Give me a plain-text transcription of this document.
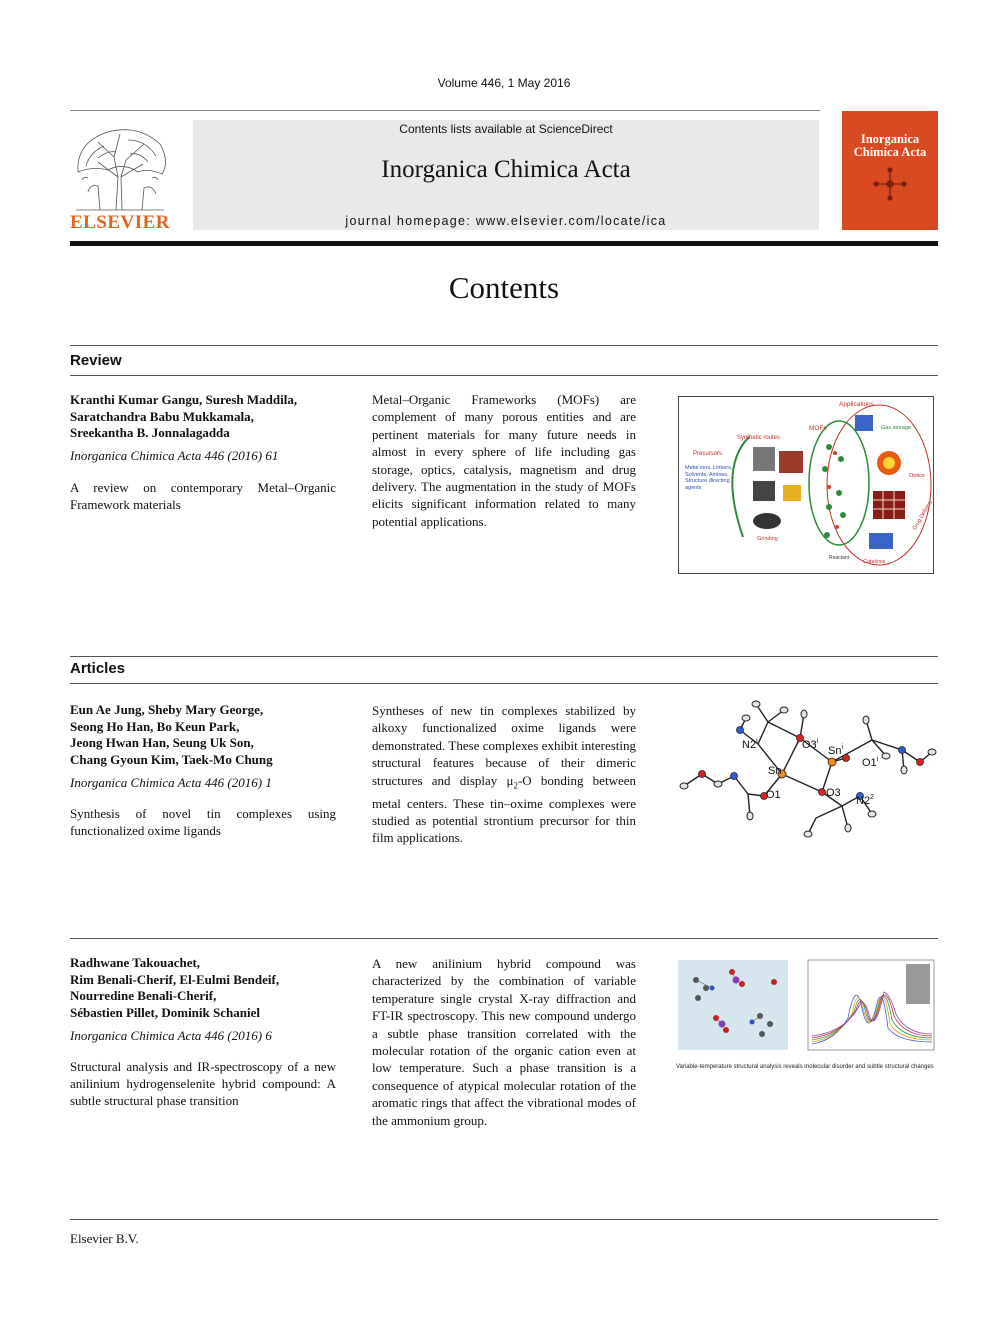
Volume 446, 1 May 2016
ELSEVIER
Contents lists available at ScienceDirect
Inorganica Chimica Acta
journal homepage: www.elsevier.com/locate/ica
Inorganica Chimica Acta
Contents
Review
Kranthi Kumar Gangu, Suresh Maddila,
Saratchandra Babu Mukkamala,
Sreekantha B. Jonnalagadda
Inorganica Chimica Acta 446 (2016) 61
A review on contemporary Metal–Organic Framework materials
Metal–Organic Frameworks (MOFs) are complement of many porous entities and are pertinent materials for many future needs in almost in every sphere of life including gas storage, optics, catalysis, magnetism and drug delivery. The augmentation in the study of MOFs elicits significant information related to many potential applications.
Applications
MOFs
Synthetic routes
Precursors
Metal ions, Linkers, Solvents, Amines, Structure directing agents
Grinding
Gas storage
Optics
Drug Delivery
Catalysis
Reactant
Articles
Eun Ae Jung, Sheby Mary George,
Seong Ho Han, Bo Keun Park,
Jeong Hwan Han, Seung Uk Son,
Chang Gyoun Kim, Taek-Mo Chung
Inorganica Chimica Acta 446 (2016) 1
Synthesis of novel tin complexes using functionalized oxime ligands
Syntheses of new tin complexes stabilized by alkoxy functionalized oxime ligands were demonstrated. These complexes exhibit interesting structural features because of their dimeric structures and display $\mu_2-O$ bonding between metal centers. These tin–oxime complexes were studied as potential strontium precursor for thin film applications.
N2$^i$	O3$^i$
Sn$^i$
O1$^i$
Sn
O1	O3
$N2^2$
Radhwane Takouachet,
Rim Benali-Cherif, El-Eulmi Bendeif,
Nourredine Benali-Cherif,
Sébastien Pillet, Dominik Schaniel
Inorganica Chimica Acta 446 (2016) 6
Structural analysis and IR-spectroscopy of a new anilinium hydrogenselenite hybrid compound: A subtle structural phase transition
A new anilinium hybrid compound was characterized by the combination of variable temperature single crystal X-ray diffraction and FT-IR spectroscopy. This new compound undergo a subtle phase transition correlated with the molecular rotation of the organic cation even at low temperature. Such a phase transition is a consequence of atypical molecular rotation of the aromatic rings that affect the vibrational modes of the ammonium group.
Variable-temperature structural analysis reveals molecular disorder and subtle structural changes
Elsevier B.V.
